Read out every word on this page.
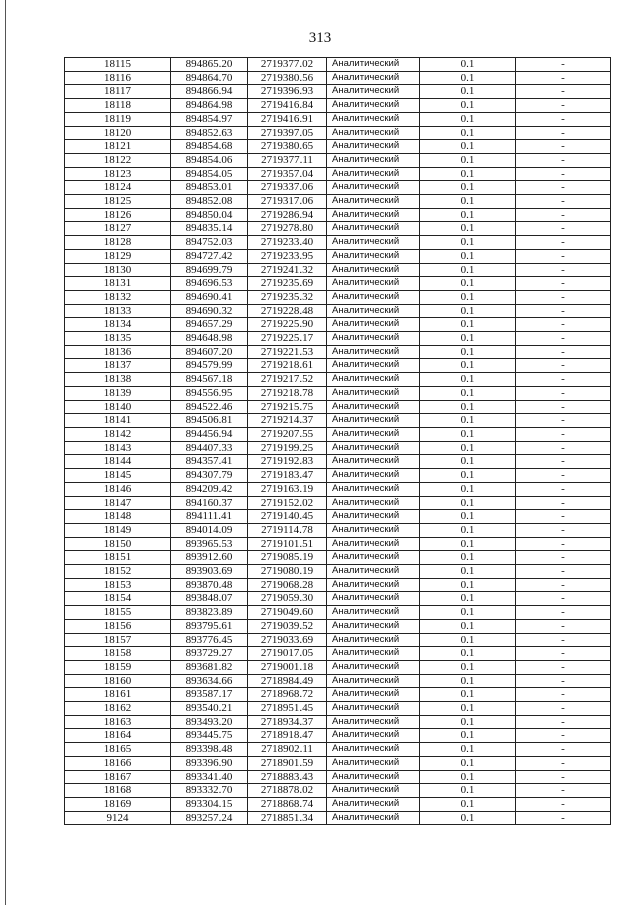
313
18115	894865.20	2719377.02	Аналитический	0.1	-
18116	894864.70	2719380.56	Аналитический	0.1	-
18117	894866.94	2719396.93	Аналитический	0.1	-
18118	894864.98	2719416.84	Аналитический	0.1	-
18119	894854.97	2719416.91	Аналитический	0.1	-
18120	894852.63	2719397.05	Аналитический	0.1	-
18121	894854.68	2719380.65	Аналитический	0.1	-
18122	894854.06	2719377.11	Аналитический	0.1	-
18123	894854.05	2719357.04	Аналитический	0.1	-
18124	894853.01	2719337.06	Аналитический	0.1	-
18125	894852.08	2719317.06	Аналитический	0.1	-
18126	894850.04	2719286.94	Аналитический	0.1	-
18127	894835.14	2719278.80	Аналитический	0.1	-
18128	894752.03	2719233.40	Аналитический	0.1	-
18129	894727.42	2719233.95	Аналитический	0.1	-
18130	894699.79	2719241.32	Аналитический	0.1	-
18131	894696.53	2719235.69	Аналитический	0.1	-
18132	894690.41	2719235.32	Аналитический	0.1	-
18133	894690.32	2719228.48	Аналитический	0.1	-
18134	894657.29	2719225.90	Аналитический	0.1	-
18135	894648.98	2719225.17	Аналитический	0.1	-
18136	894607.20	2719221.53	Аналитический	0.1	-
18137	894579.99	2719218.61	Аналитический	0.1	-
18138	894567.18	2719217.52	Аналитический	0.1	-
18139	894556.95	2719218.78	Аналитический	0.1	-
18140	894522.46	2719215.75	Аналитический	0.1	-
18141	894506.81	2719214.37	Аналитический	0.1	-
18142	894456.94	2719207.55	Аналитический	0.1	-
18143	894407.33	2719199.25	Аналитический	0.1	-
18144	894357.41	2719192.83	Аналитический	0.1	-
18145	894307.79	2719183.47	Аналитический	0.1	-
18146	894209.42	2719163.19	Аналитический	0.1	-
18147	894160.37	2719152.02	Аналитический	0.1	-
18148	894111.41	2719140.45	Аналитический	0.1	-
18149	894014.09	2719114.78	Аналитический	0.1	-
18150	893965.53	2719101.51	Аналитический	0.1	-
18151	893912.60	2719085.19	Аналитический	0.1	-
18152	893903.69	2719080.19	Аналитический	0.1	-
18153	893870.48	2719068.28	Аналитический	0.1	-
18154	893848.07	2719059.30	Аналитический	0.1	-
18155	893823.89	2719049.60	Аналитический	0.1	-
18156	893795.61	2719039.52	Аналитический	0.1	-
18157	893776.45	2719033.69	Аналитический	0.1	-
18158	893729.27	2719017.05	Аналитический	0.1	-
18159	893681.82	2719001.18	Аналитический	0.1	-
18160	893634.66	2718984.49	Аналитический	0.1	-
18161	893587.17	2718968.72	Аналитический	0.1	-
18162	893540.21	2718951.45	Аналитический	0.1	-
18163	893493.20	2718934.37	Аналитический	0.1	-
18164	893445.75	2718918.47	Аналитический	0.1	-
18165	893398.48	2718902.11	Аналитический	0.1	-
18166	893396.90	2718901.59	Аналитический	0.1	-
18167	893341.40	2718883.43	Аналитический	0.1	-
18168	893332.70	2718878.02	Аналитический	0.1	-
18169	893304.15	2718868.74	Аналитический	0.1	-
9124	893257.24	2718851.34	Аналитический	0.1	-
